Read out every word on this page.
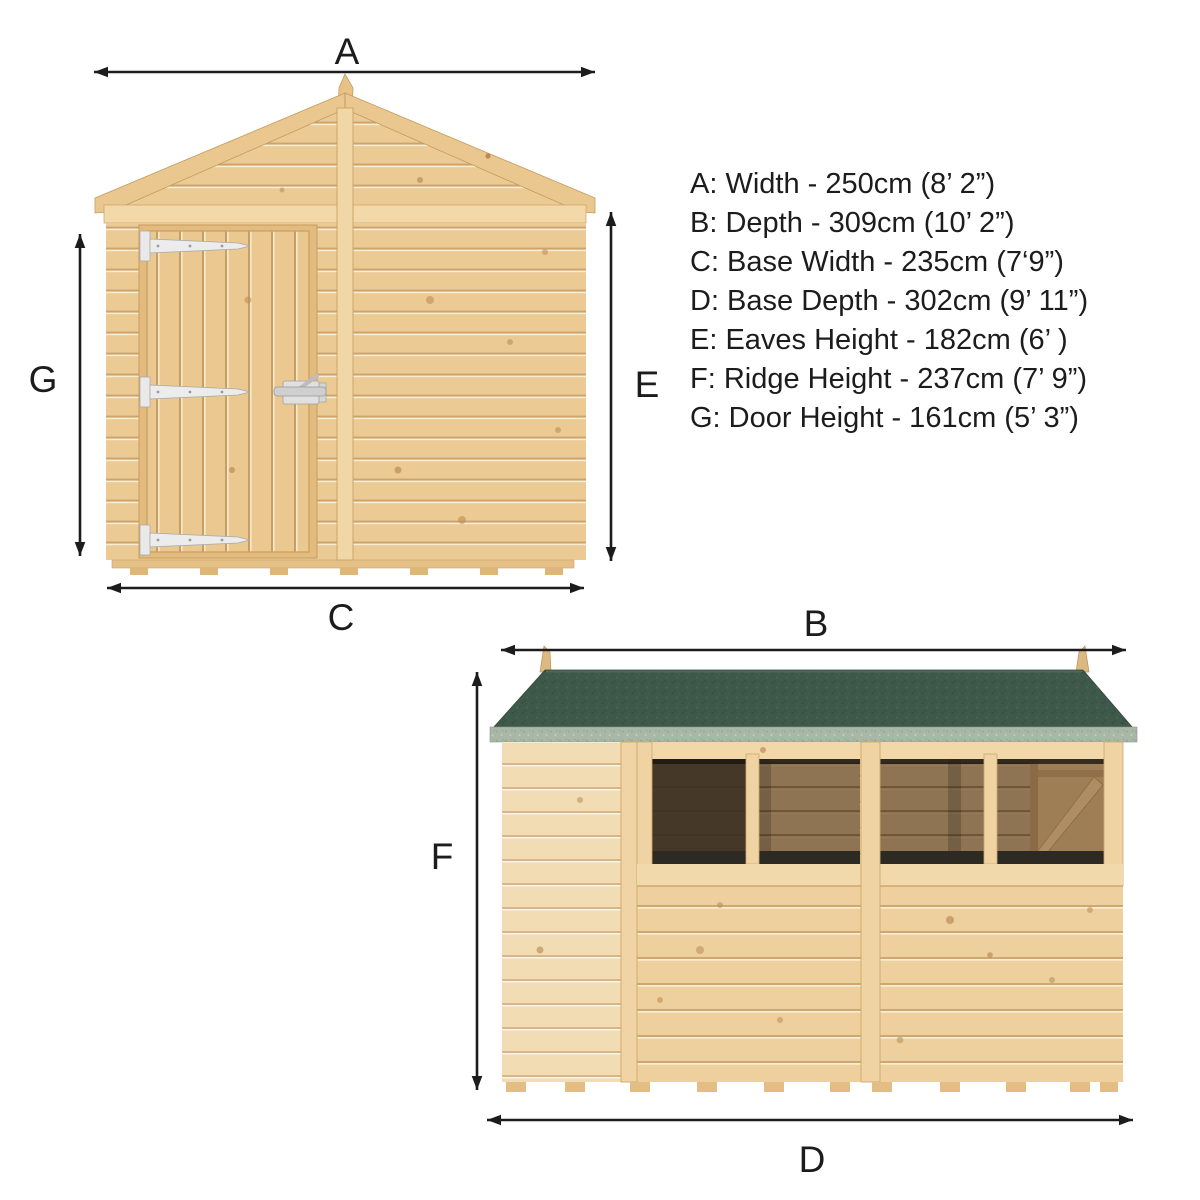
A
G	E
C	B
F
D
A: Width - 250cm (8’ 2”)
B: Depth - 309cm (10’ 2”)
C: Base Width - 235cm (7‘9”)
D: Base Depth - 302cm (9’ 11”)
E: Eaves Height - 182cm (6’ )
F: Ridge Height - 237cm (7’ 9”)
G: Door Height - 161cm (5’ 3”)
